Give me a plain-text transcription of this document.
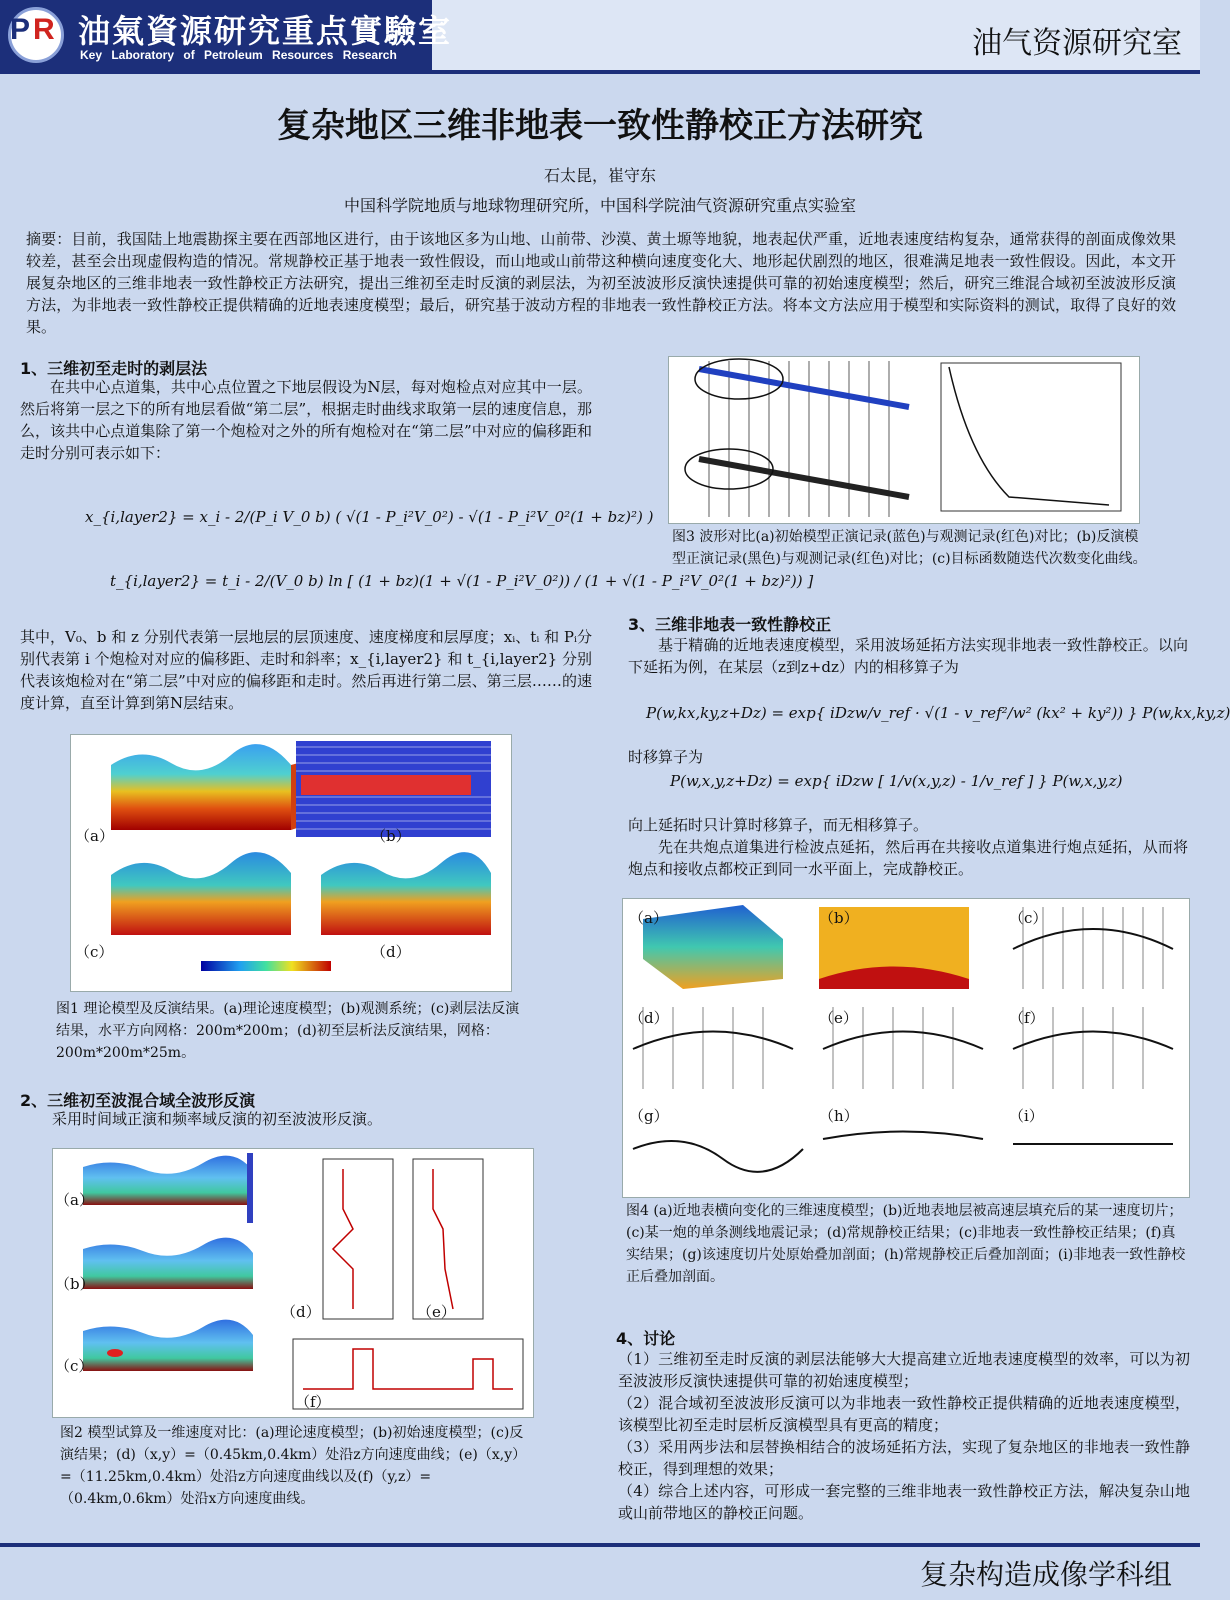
P R 油氣資源研究重点實驗室
Key Laboratory of Petroleum Resources Research	油气资源研究室
复杂地区三维非地表一致性静校正方法研究
石太昆，崔守东
中国科学院地质与地球物理研究所，中国科学院油气资源研究重点实验室
摘要：目前，我国陆上地震勘探主要在西部地区进行，由于该地区多为山地、山前带、沙漠、黄土塬等地貌，地表起伏严重，近地表速度结构复杂，通常获得的剖面成像效果较差，甚至会出现虚假构造的情况。常规静校正基于地表一致性假设，而山地或山前带这种横向速度变化大、地形起伏剧烈的地区，很难满足地表一致性假设。因此，本文开展复杂地区的三维非地表一致性静校正方法研究，提出三维初至走时反演的剥层法，为初至波波形反演快速提供可靠的初始速度模型；然后，研究三维混合域初至波波形反演方法，为非地表一致性静校正提供精确的近地表速度模型；最后，研究基于波动方程的非地表一致性静校正方法。将本文方法应用于模型和实际资料的测试，取得了良好的效果。
1、三维初至走时的剥层法
在共中心点道集，共中心点位置之下地层假设为N层，每对炮检点对应其中一层。然后将第一层之下的所有地层看做“第二层”，根据走时曲线求取第一层的速度信息，那么，该共中心点道集除了第一个炮检对之外的所有炮检对在“第二层”中对应的偏移距和走时分别可表示如下：
x_{i,layer2} = x_i - 2/(P_i V_0 b) ( √(1 - P_i²V_0²) - √(1 - P_i²V_0²(1 + bz)²) )
t_{i,layer2} = t_i - 2/(V_0 b) ln [ (1 + bz)(1 + √(1 - P_i²V_0²)) / (1 + √(1 - P_i²V_0²(1 + bz)²)) ]
其中，V₀、b 和 z 分别代表第一层地层的层顶速度、速度梯度和层厚度；xᵢ、tᵢ 和 Pᵢ分别代表第 i 个炮检对对应的偏移距、走时和斜率；x_{i,layer2} 和 t_{i,layer2} 分别代表该炮检对在“第二层”中对应的偏移距和走时。然后再进行第二层、第三层……的速度计算，直至计算到第N层结束。
（a）	（b）
（c）	（d）
图1 理论模型及反演结果。(a)理论速度模型；(b)观测系统；(c)剥层法反演结果，水平方向网格：200m*200m；(d)初至层析法反演结果，网格：200m*200m*25m。
2、三维初至波混合域全波形反演
采用时间域正演和频率域反演的初至波波形反演。
（a）
（b）
（c）
（d）	（e）
（f）
图2 模型试算及一维速度对比：(a)理论速度模型；(b)初始速度模型；(c)反演结果；(d)（x,y）=（0.45km,0.4km）处沿z方向速度曲线；(e)（x,y）=（11.25km,0.4km）处沿z方向速度曲线以及(f)（y,z）=（0.4km,0.6km）处沿x方向速度曲线。
图3 波形对比(a)初始模型正演记录(蓝色)与观测记录(红色)对比；(b)反演模型正演记录(黑色)与观测记录(红色)对比；(c)目标函数随迭代次数变化曲线。
3、三维非地表一致性静校正
基于精确的近地表速度模型，采用波场延拓方法实现非地表一致性静校正。以向下延拓为例，在某层（z到z+dz）内的相移算子为
P(w,kx,ky,z+Dz) = exp{ iDzw/v_ref · √(1 - v_ref²/w² (kx² + ky²)) } P(w,kx,ky,z)
时移算子为
P(w,x,y,z+Dz) = exp{ iDzw [ 1/v(x,y,z) - 1/v_ref ] } P(w,x,y,z)
向上延拓时只计算时移算子，而无相移算子。
先在共炮点道集进行检波点延拓，然后再在共接收点道集进行炮点延拓，从而将炮点和接收点都校正到同一水平面上，完成静校正。
（a）	（b）	（c）
（d）	（e）	（f）
（g）	（h）	（i）
图4 (a)近地表横向变化的三维速度模型；(b)近地表地层被高速层填充后的某一速度切片；(c)某一炮的单条测线地震记录；(d)常规静校正结果；(c)非地表一致性静校正结果；(f)真实结果；(g)该速度切片处原始叠加剖面；(h)常规静校正后叠加剖面；(i)非地表一致性静校正后叠加剖面。
4、讨论
（1）三维初至走时反演的剥层法能够大大提高建立近地表速度模型的效率，可以为初至波波形反演快速提供可靠的初始速度模型；
（2）混合域初至波波形反演可以为非地表一致性静校正提供精确的近地表速度模型，该模型比初至走时层析反演模型具有更高的精度；
（3）采用两步法和层替换相结合的波场延拓方法，实现了复杂地区的非地表一致性静校正，得到理想的效果；
（4）综合上述内容，可形成一套完整的三维非地表一致性静校正方法，解决复杂山地或山前带地区的静校正问题。
复杂构造成像学科组
